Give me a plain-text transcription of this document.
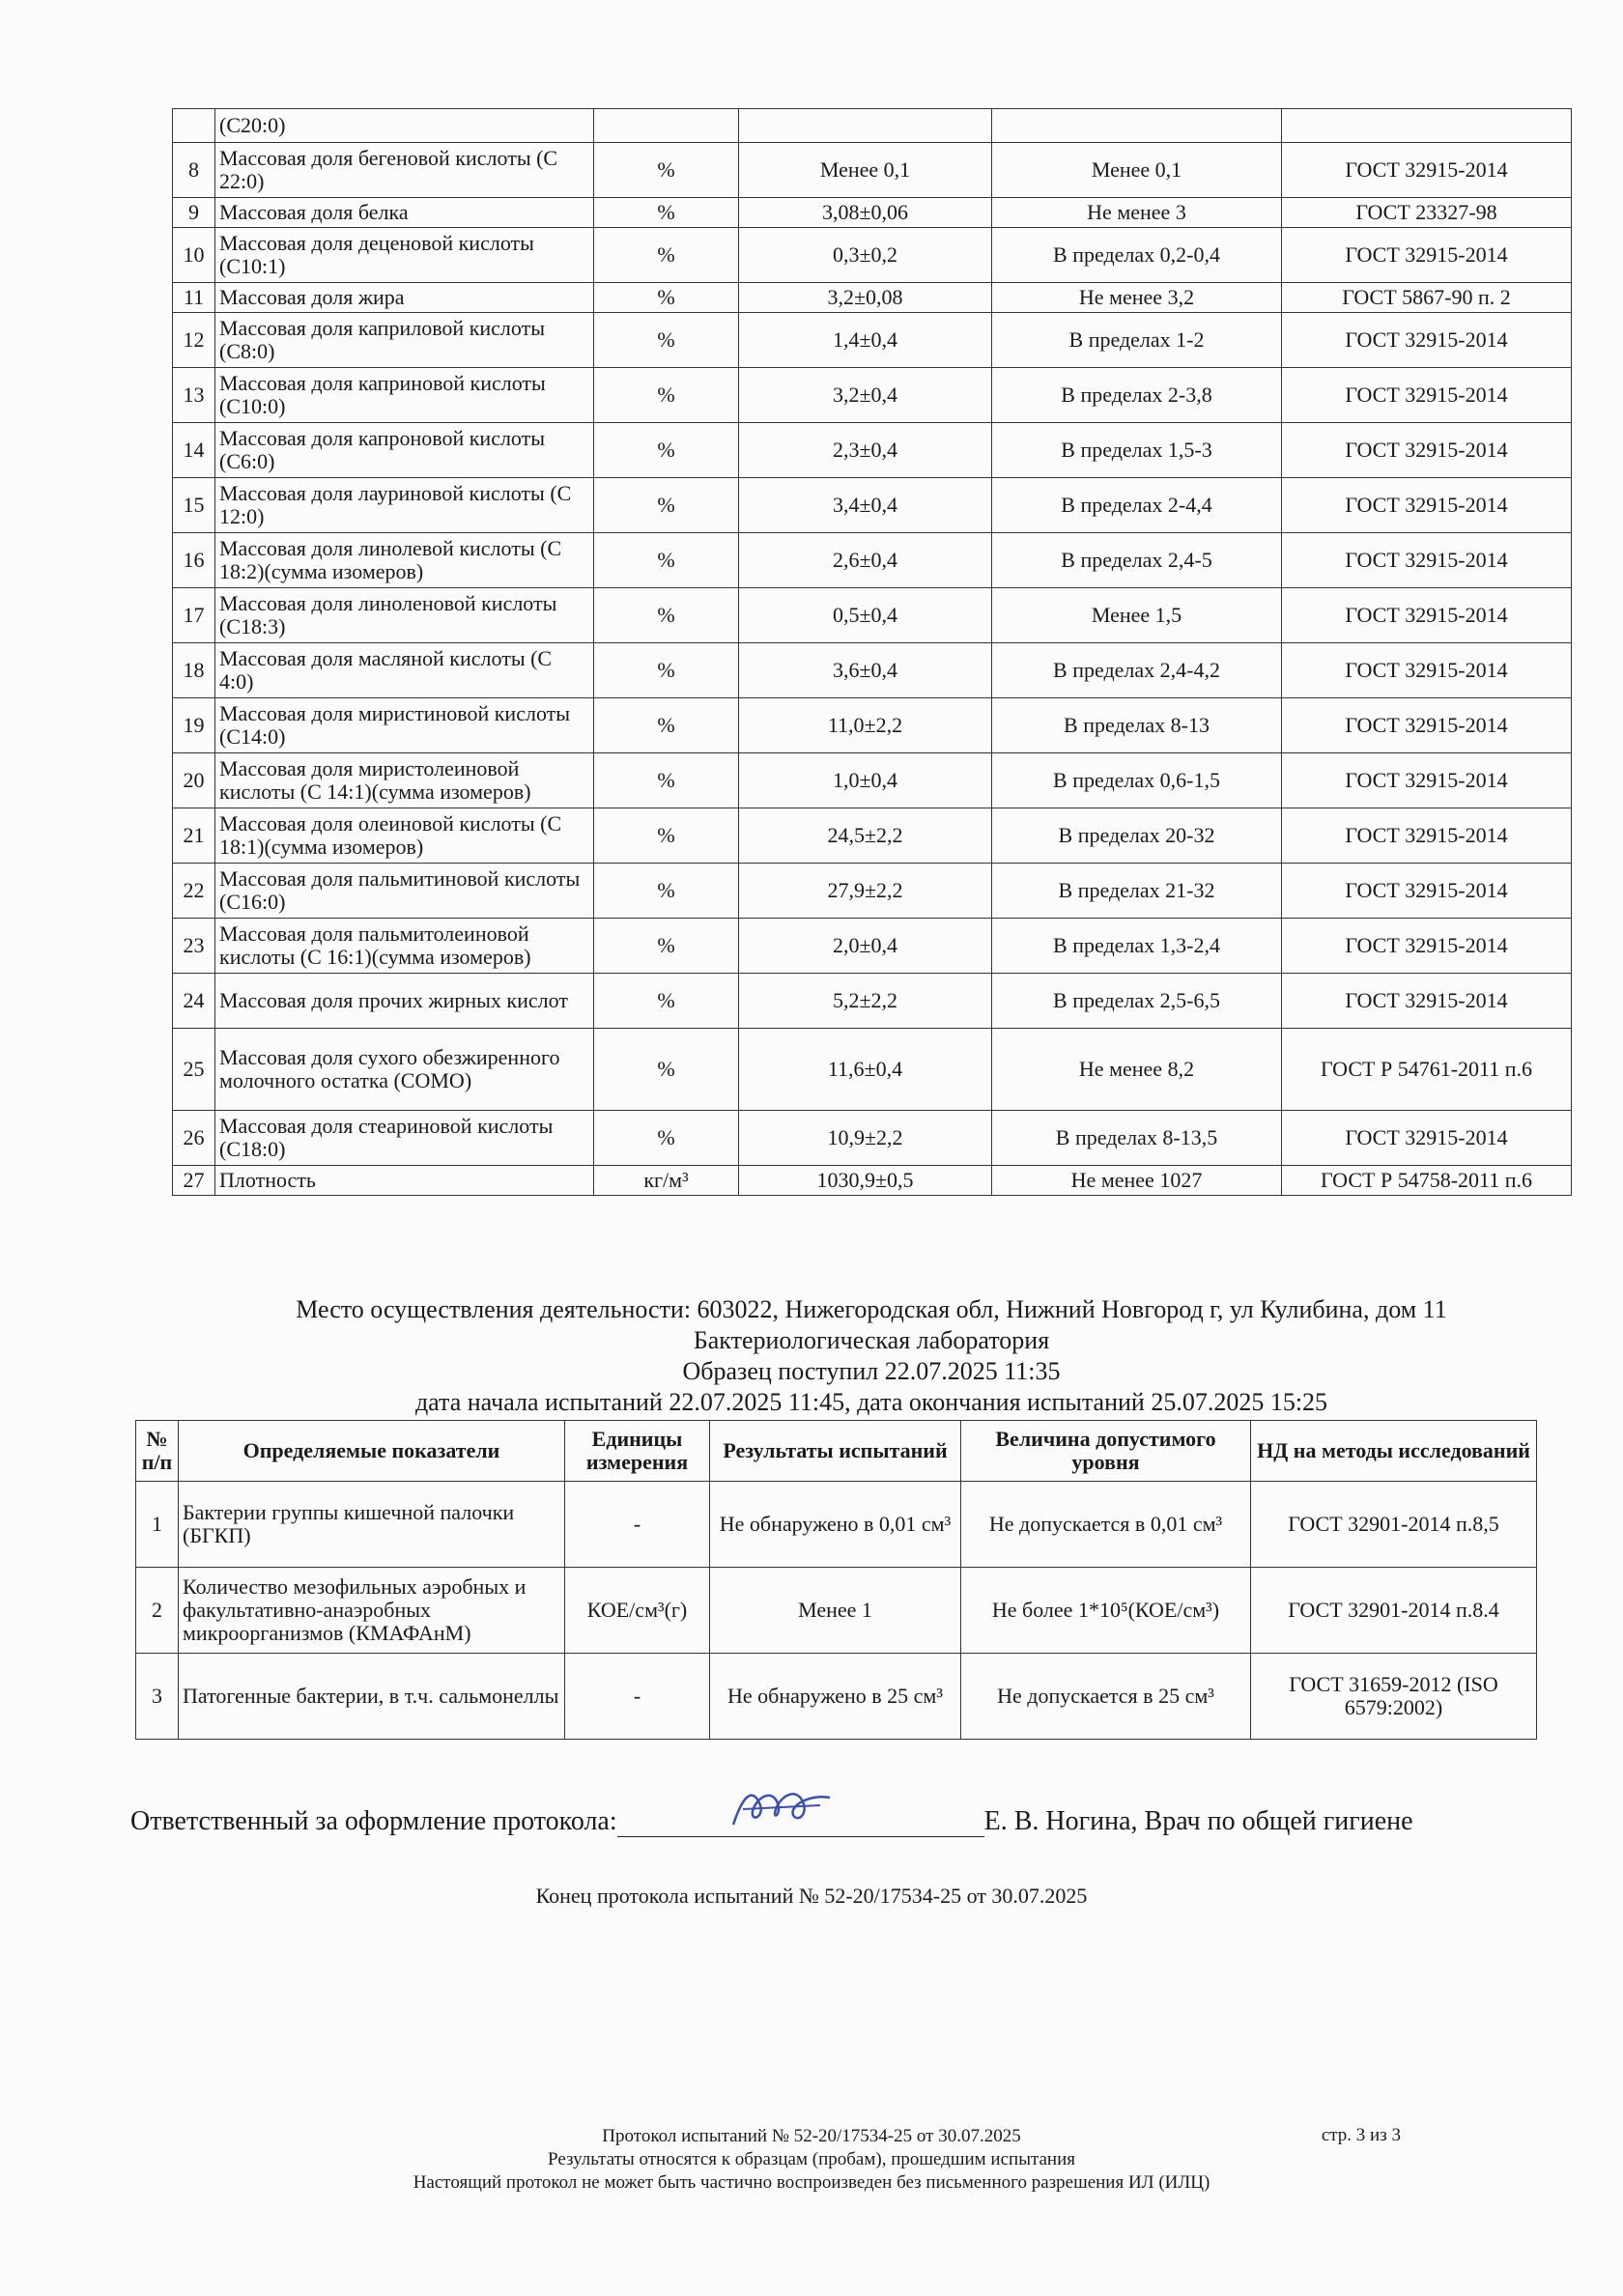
	(С20:0)				
8	Массовая доля бегеновой кислоты (С 22:0)	%	Менее 0,1	Менее 0,1	ГОСТ 32915-2014
9	Массовая доля белка	%	3,08±0,06	Не менее 3	ГОСТ 23327-98
10	Массовая доля деценовой кислоты (С10:1)	%	0,3±0,2	В пределах 0,2-0,4	ГОСТ 32915-2014
11	Массовая доля жира	%	3,2±0,08	Не менее 3,2	ГОСТ 5867-90 п. 2
12	Массовая доля каприловой кислоты (С8:0)	%	1,4±0,4	В пределах 1-2	ГОСТ 32915-2014
13	Массовая доля каприновой кислоты (С10:0)	%	3,2±0,4	В пределах 2-3,8	ГОСТ 32915-2014
14	Массовая доля капроновой кислоты (С6:0)	%	2,3±0,4	В пределах 1,5-3	ГОСТ 32915-2014
15	Массовая доля лауриновой кислоты (С 12:0)	%	3,4±0,4	В пределах 2-4,4	ГОСТ 32915-2014
16	Массовая доля линолевой кислоты (С 18:2)(сумма изомеров)	%	2,6±0,4	В пределах 2,4-5	ГОСТ 32915-2014
17	Массовая доля линоленовой кислоты (С18:3)	%	0,5±0,4	Менее 1,5	ГОСТ 32915-2014
18	Массовая доля масляной кислоты (С 4:0)	%	3,6±0,4	В пределах 2,4-4,2	ГОСТ 32915-2014
19	Массовая доля миристиновой кислоты (С14:0)	%	11,0±2,2	В пределах 8-13	ГОСТ 32915-2014
20	Массовая доля миристолеиновой кислоты (С 14:1)(сумма изомеров)	%	1,0±0,4	В пределах 0,6-1,5	ГОСТ 32915-2014
21	Массовая доля олеиновой кислоты (С 18:1)(сумма изомеров)	%	24,5±2,2	В пределах 20-32	ГОСТ 32915-2014
22	Массовая доля пальмитиновой кислоты (С16:0)	%	27,9±2,2	В пределах 21-32	ГОСТ 32915-2014
23	Массовая доля пальмитолеиновой кислоты (С 16:1)(сумма изомеров)	%	2,0±0,4	В пределах 1,3-2,4	ГОСТ 32915-2014
24	Массовая доля прочих жирных кислот	%	5,2±2,2	В пределах 2,5-6,5	ГОСТ 32915-2014
25	Массовая доля сухого обезжиренного молочного остатка (СОМО)	%	11,6±0,4	Не менее 8,2	ГОСТ Р 54761-2011 п.6
26	Массовая доля стеариновой кислоты (С18:0)	%	10,9±2,2	В пределах 8-13,5	ГОСТ 32915-2014
27	Плотность	кг/м³	1030,9±0,5	Не менее 1027	ГОСТ Р 54758-2011 п.6
Место осуществления деятельности: 603022, Нижегородская обл, Нижний Новгород г, ул Кулибина, дом 11
Бактериологическая лаборатория
Образец поступил 22.07.2025 11:35
дата начала испытаний 22.07.2025 11:45, дата окончания испытаний 25.07.2025 15:25
№ п/п	Определяемые показатели	Единицы измерения	Результаты испытаний	Величина допустимого уровня	НД на методы исследований
1	Бактерии группы кишечной палочки (БГКП)	-	Не обнаружено в 0,01 см³	Не допускается в 0,01 см³	ГОСТ 32901-2014 п.8,5
2	Количество мезофильных аэробных и факультативно-анаэробных микроорганизмов (КМАФАнМ)	КОЕ/см³(г)	Менее 1	Не более 1*10⁵(КОЕ/см³)	ГОСТ 32901-2014 п.8.4
3	Патогенные бактерии, в т.ч. сальмонеллы	-	Не обнаружено в 25 см³	Не допускается в 25 см³	ГОСТ 31659-2012 (ISO 6579:2002)
Ответственный за оформление протокола:	Е. В. Ногина, Врач по общей гигиене
Конец протокола испытаний № 52-20/17534-25 от 30.07.2025
Протокол испытаний № 52-20/17534-25 от 30.07.2025
Результаты относятся к образцам (пробам), прошедшим испытания
Настоящий протокол не может быть частично воспроизведен без письменного разрешения ИЛ (ИЛЦ)
стр. 3 из 3
